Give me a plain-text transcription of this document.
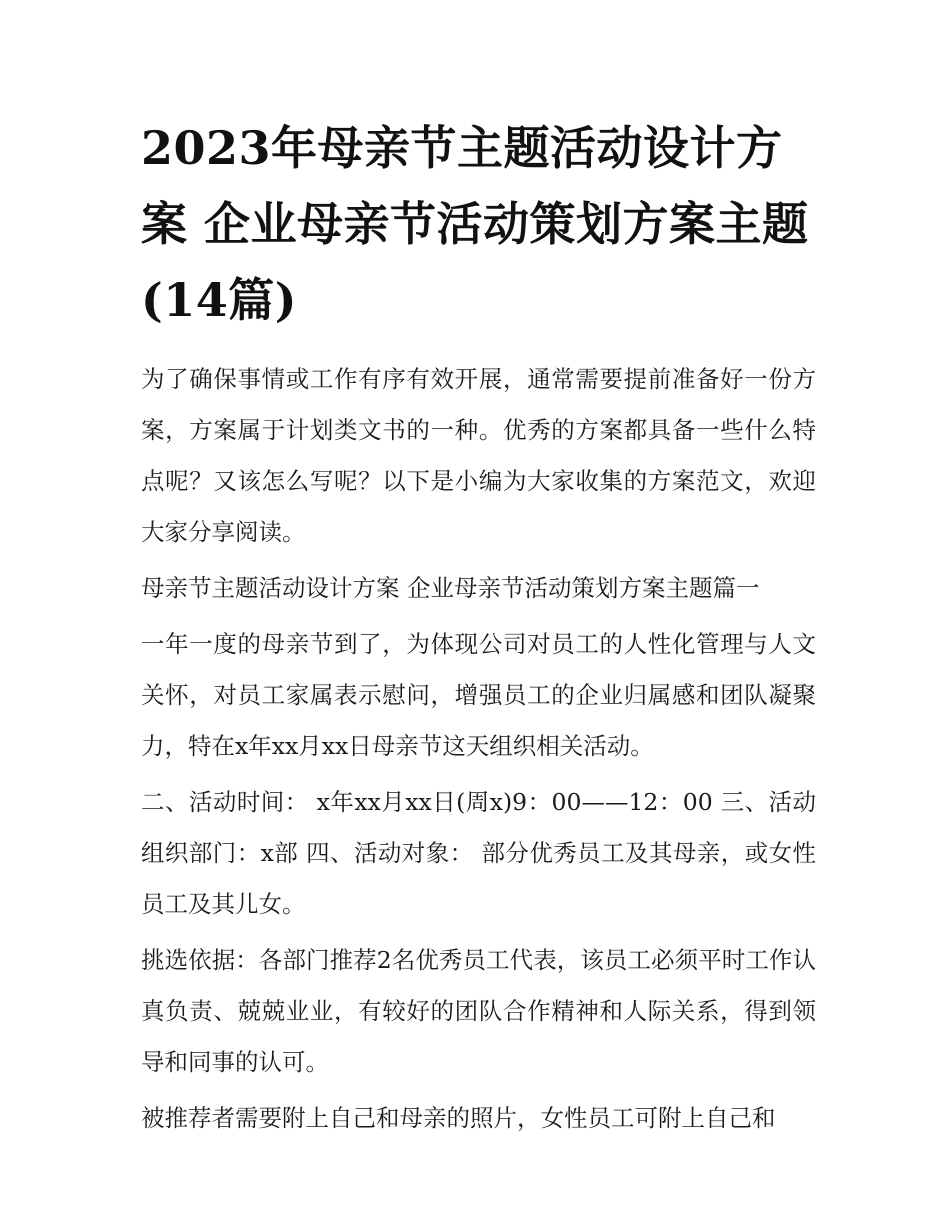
2023年母亲节主题活动设计方案 企业母亲节活动策划方案主题(14篇)

为了确保事情或工作有序有效开展，通常需要提前准备好一份方案，方案属于计划类文书的一种。优秀的方案都具备一些什么特点呢？又该怎么写呢？以下是小编为大家收集的方案范文，欢迎大家分享阅读。

母亲节主题活动设计方案 企业母亲节活动策划方案主题篇一

一年一度的母亲节到了，为体现公司对员工的人性化管理与人文关怀，对员工家属表示慰问，增强员工的企业归属感和团队凝聚力，特在x年xx月xx日母亲节这天组织相关活动。

二、活动时间： x年xx月xx日(周x)9：00——12：00 三、活动组织部门：x部 四、活动对象： 部分优秀员工及其母亲，或女性员工及其儿女。

挑选依据：各部门推荐2名优秀员工代表，该员工必须平时工作认真负责、兢兢业业，有较好的团队合作精神和人际关系，得到领导和同事的认可。

被推荐者需要附上自己和母亲的照片，女性员工可附上自己和
